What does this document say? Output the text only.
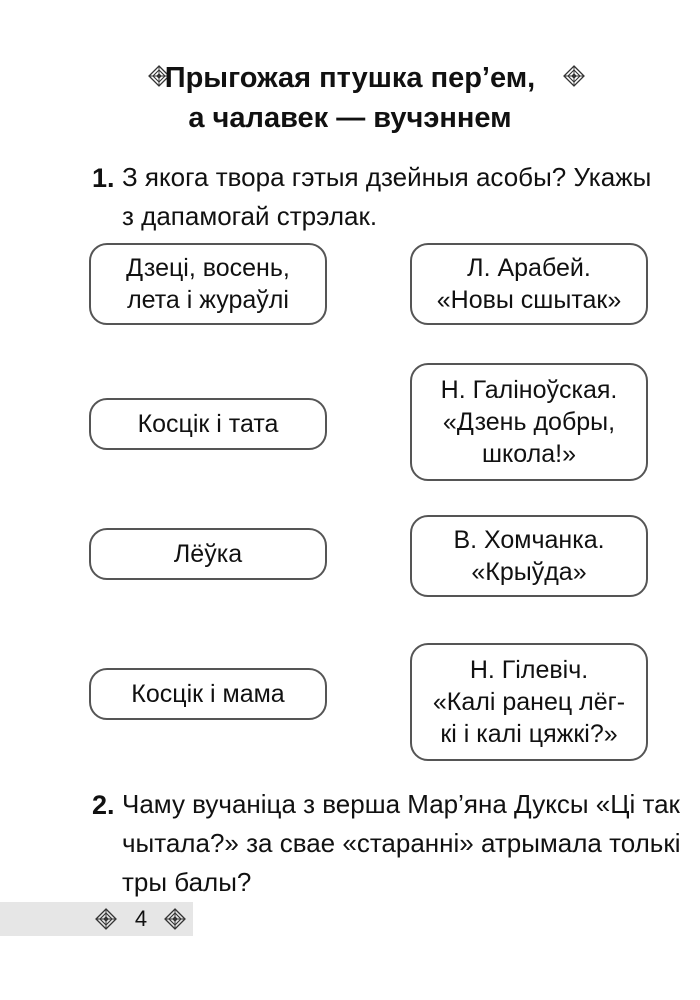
Прыгожая птушка пер’ем,
а чалавек — вучэннем
1. З якога твора гэтыя дзейныя асобы? Укажы
з дапамогай стрэлак.
Дзеці, восень,
лета і жураўлі
Косцік і тата
Лёўка
Косцік і мама
Л. Арабей.
«Новы сшытак»
Н. Галіноўская.
«Дзень добры,
школа!»
В. Хомчанка.
«Крыўда»
Н. Гілевіч.
«Калі ранец лёг-
кі і калі цяжкі?»
2. Чаму вучаніца з верша Мар’яна Дуксы «Ці так
чытала?» за свае «старанні» атрымала толькі
тры балы?
4
